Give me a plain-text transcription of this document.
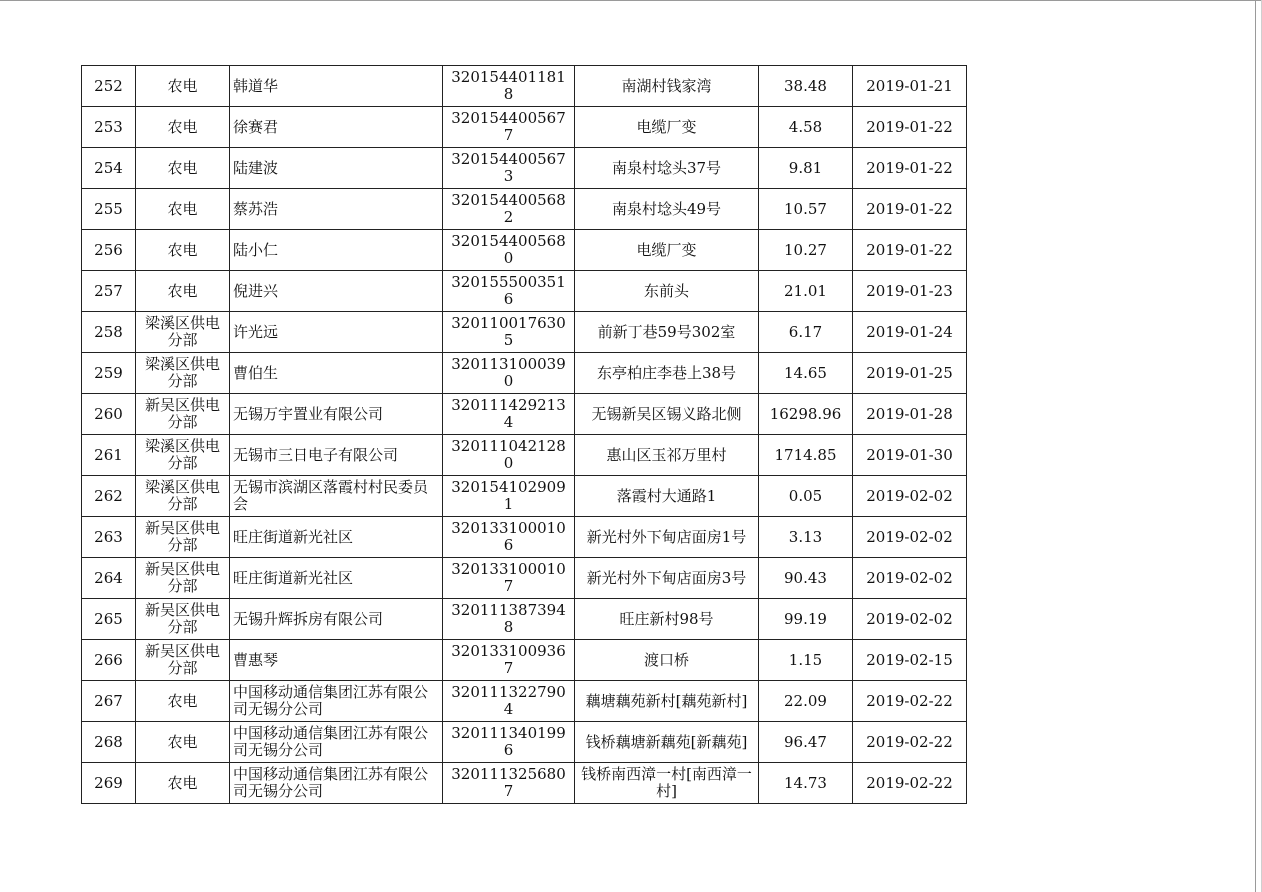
252	农电	韩道华	3201544011818	南湖村钱家湾	38.48	2019-01-21
253	农电	徐赛君	3201544005677	电缆厂变	4.58	2019-01-22
254	农电	陆建波	3201544005673	南泉村埝头37号	9.81	2019-01-22
255	农电	蔡苏浩	3201544005682	南泉村埝头49号	10.57	2019-01-22
256	农电	陆小仁	3201544005680	电缆厂变	10.27	2019-01-22
257	农电	倪进兴	3201555003516	东前头	21.01	2019-01-23
258	梁溪区供电分部	许光远	3201100176305	前新丁巷59号302室	6.17	2019-01-24
259	梁溪区供电分部	曹伯生	3201131000390	东亭柏庄李巷上38号	14.65	2019-01-25
260	新吴区供电分部	无锡万宇置业有限公司	3201114292134	无锡新吴区锡义路北侧	16298.96	2019-01-28
261	梁溪区供电分部	无锡市三日电子有限公司	3201110421280	惠山区玉祁万里村	1714.85	2019-01-30
262	梁溪区供电分部	无锡市滨湖区落霞村村民委员会	3201541029091	落霞村大通路1	0.05	2019-02-02
263	新吴区供电分部	旺庄街道新光社区	3201331000106	新光村外下甸店面房1号	3.13	2019-02-02
264	新吴区供电分部	旺庄街道新光社区	3201331000107	新光村外下甸店面房3号	90.43	2019-02-02
265	新吴区供电分部	无锡升辉拆房有限公司	3201113873948	旺庄新村98号	99.19	2019-02-02
266	新吴区供电分部	曹惠琴	3201331009367	渡口桥	1.15	2019-02-15
267	农电	中国移动通信集团江苏有限公司无锡分公司	3201113227904	藕塘藕苑新村[藕苑新村]	22.09	2019-02-22
268	农电	中国移动通信集团江苏有限公司无锡分公司	3201113401996	钱桥藕塘新藕苑[新藕苑]	96.47	2019-02-22
269	农电	中国移动通信集团江苏有限公司无锡分公司	3201113256807	钱桥南西漳一村[南西漳一村]	14.73	2019-02-22
